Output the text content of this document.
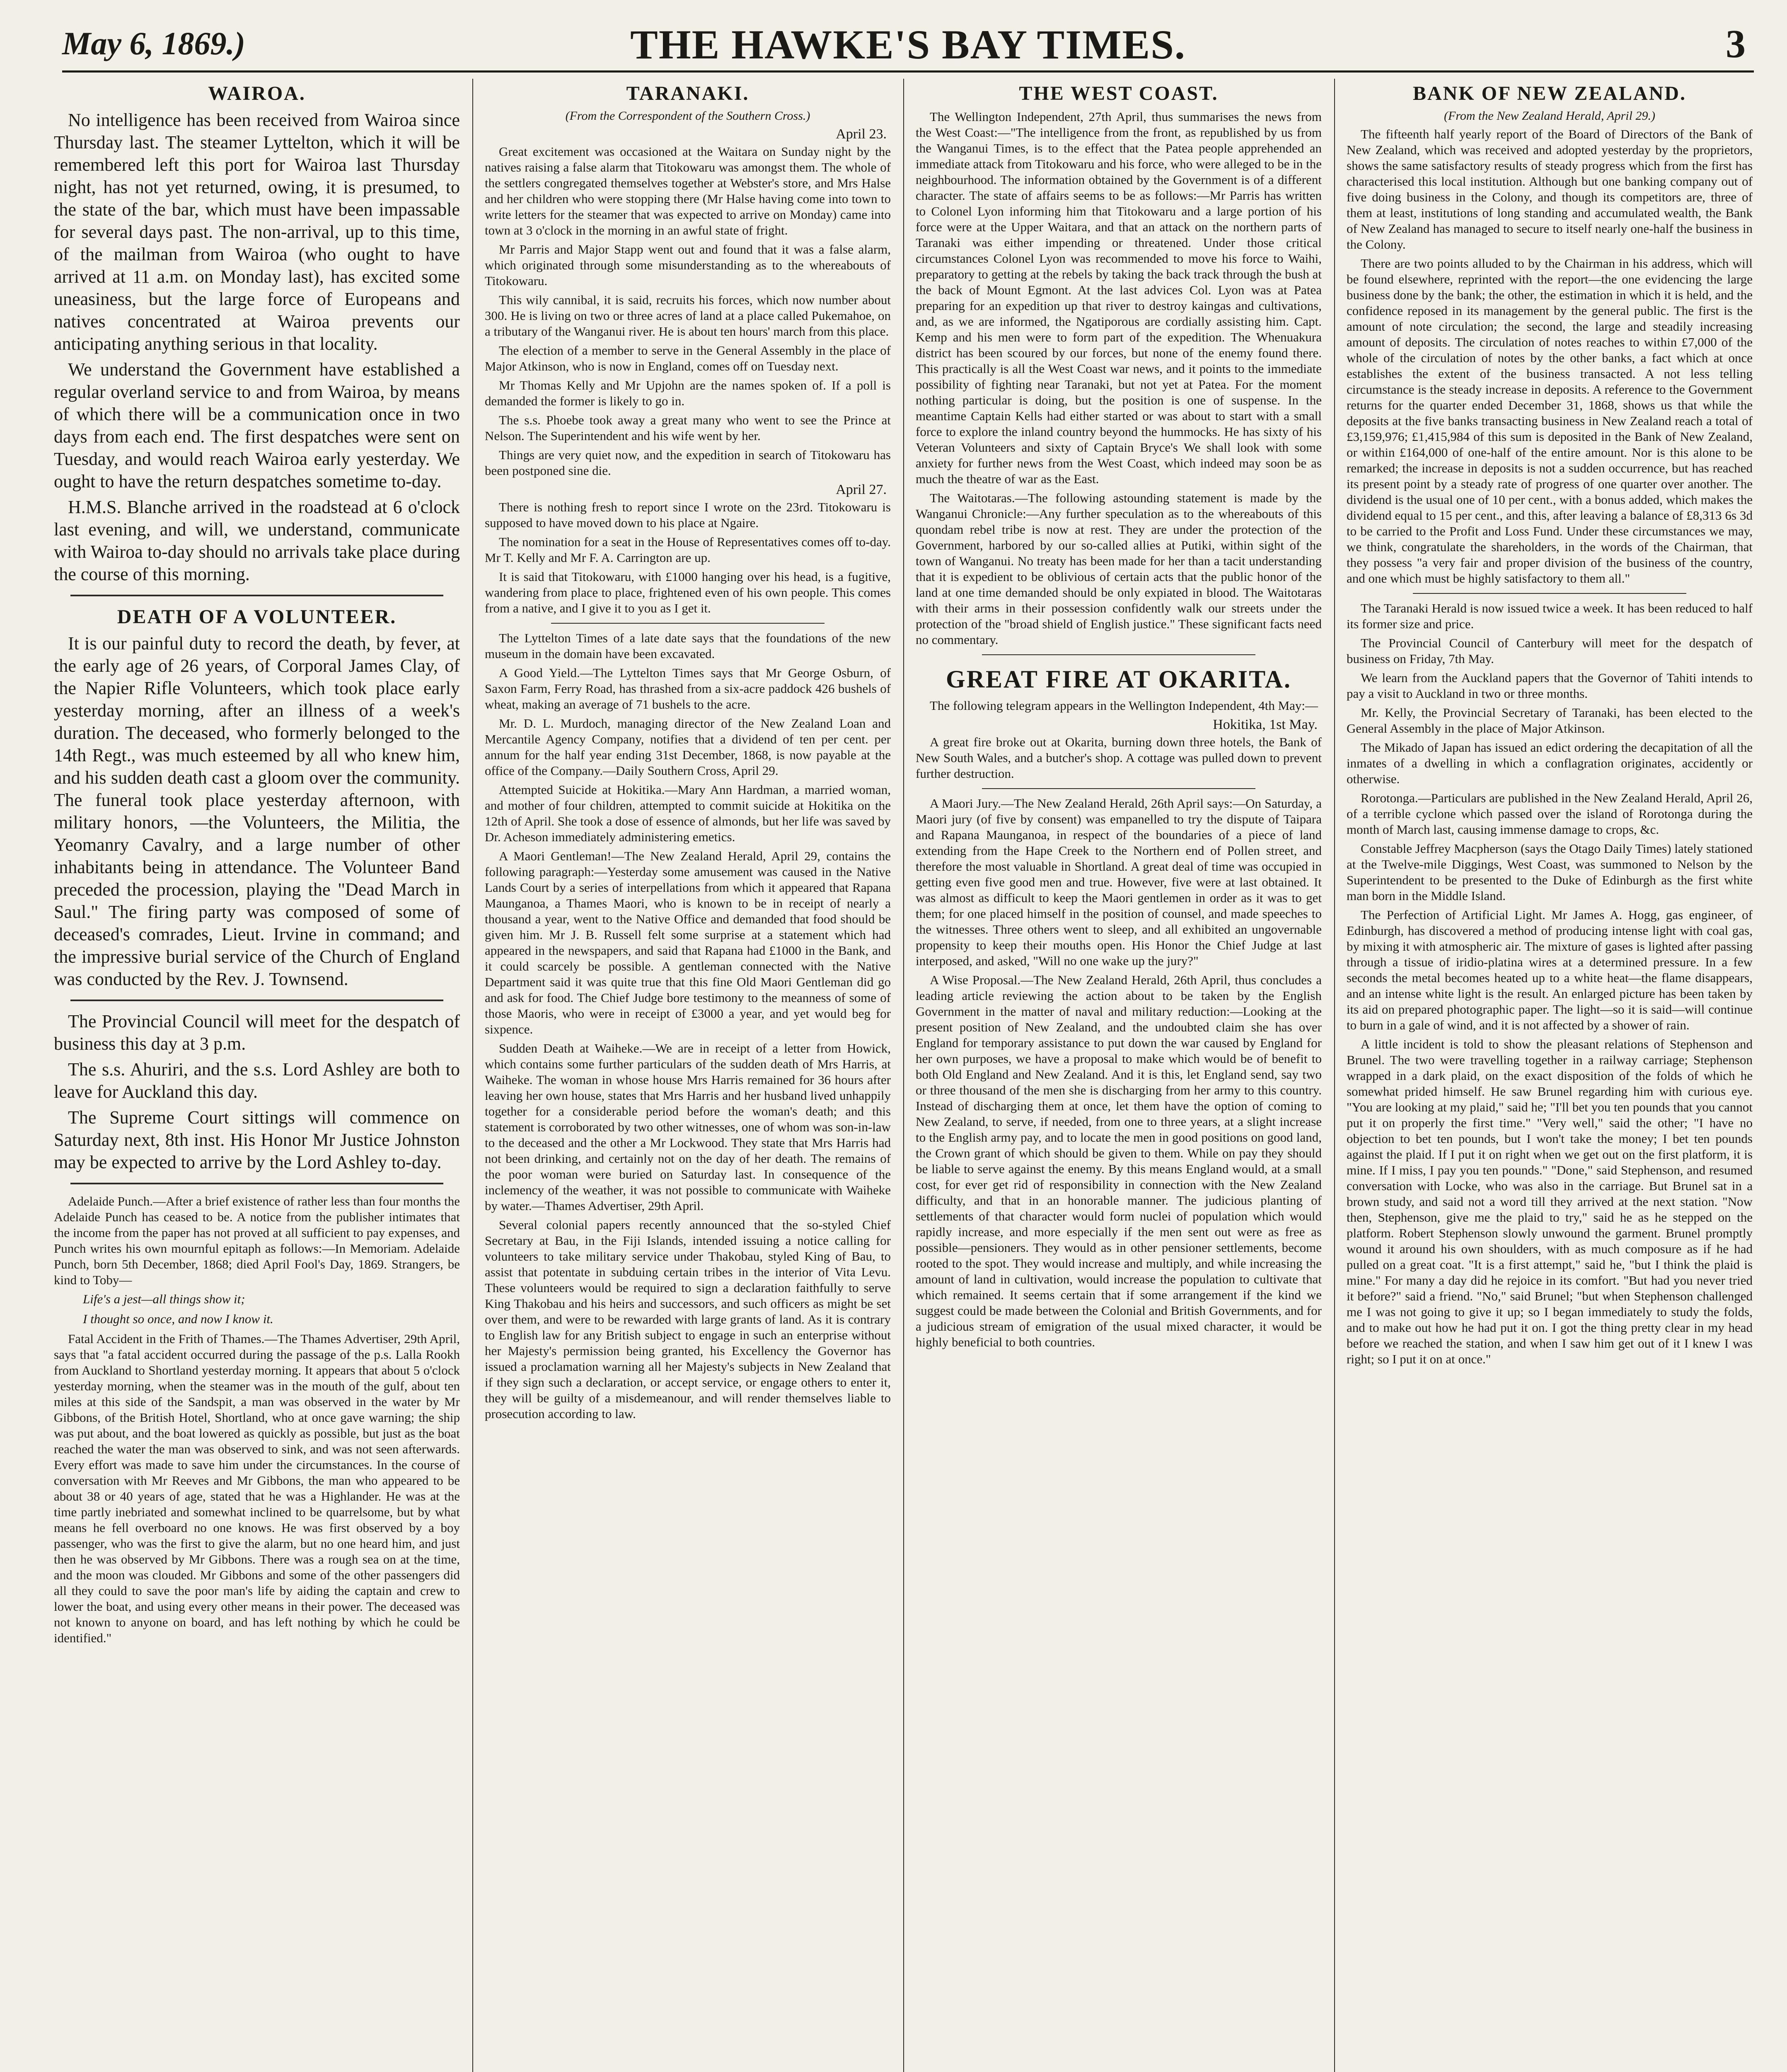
May 6, 1869.)	THE HAWKE'S BAY TIMES.	3
WAIROA.

No intelligence has been received from Wairoa since Thursday last. The steamer Lyttelton, which it will be remembered left this port for Wairoa last Thursday night, has not yet returned, owing, it is presumed, to the state of the bar, which must have been impassable for several days past. The non-arrival, up to this time, of the mailman from Wairoa (who ought to have arrived at 11 a.m. on Monday last), has excited some uneasiness, but the large force of Europeans and natives concentrated at Wairoa prevents our anticipating anything serious in that locality.

We understand the Government have established a regular overland service to and from Wairoa, by means of which there will be a communication once in two days from each end. The first despatches were sent on Tuesday, and would reach Wairoa early yesterday. We ought to have the return despatches sometime to-day.

H.M.S. Blanche arrived in the roadstead at 6 o'clock last evening, and will, we understand, communicate with Wairoa to-day should no arrivals take place during the course of this morning.

DEATH OF A VOLUNTEER.

It is our painful duty to record the death, by fever, at the early age of 26 years, of Corporal James Clay, of the Napier Rifle Volunteers, which took place early yesterday morning, after an illness of a week's duration. The deceased, who formerly belonged to the 14th Regt., was much esteemed by all who knew him, and his sudden death cast a gloom over the community. The funeral took place yesterday afternoon, with military honors, —the Volunteers, the Militia, the Yeomanry Cavalry, and a large number of other inhabitants being in attendance. The Volunteer Band preceded the procession, playing the "Dead March in Saul." The firing party was composed of some of deceased's comrades, Lieut. Irvine in command; and the impressive burial service of the Church of England was conducted by the Rev. J. Townsend.

The Provincial Council will meet for the despatch of business this day at 3 p.m.

The s.s. Ahuriri, and the s.s. Lord Ashley are both to leave for Auckland this day.

The Supreme Court sittings will commence on Saturday next, 8th inst. His Honor Mr Justice Johnston may be expected to arrive by the Lord Ashley to-day.

Adelaide Punch.—After a brief existence of rather less than four months the Adelaide Punch has ceased to be. A notice from the publisher intimates that the income from the paper has not proved at all sufficient to pay expenses, and Punch writes his own mournful epitaph as follows:—In Memoriam. Adelaide Punch, born 5th December, 1868; died April Fool's Day, 1869. Strangers, be kind to Toby—

Life's a jest—all things show it;
I thought so once, and now I know it.

Fatal Accident in the Frith of Thames.—The Thames Advertiser, 29th April, says that "a fatal accident occurred during the passage of the p.s. Lalla Rookh from Auckland to Shortland yesterday morning. It appears that about 5 o'clock yesterday morning, when the steamer was in the mouth of the gulf, about ten miles at this side of the Sandspit, a man was observed in the water by Mr Gibbons, of the British Hotel, Shortland, who at once gave warning; the ship was put about, and the boat lowered as quickly as possible, but just as the boat reached the water the man was observed to sink, and was not seen afterwards. Every effort was made to save him under the circumstances. In the course of conversation with Mr Reeves and Mr Gibbons, the man who appeared to be about 38 or 40 years of age, stated that he was a Highlander. He was at the time partly inebriated and somewhat inclined to be quarrelsome, but by what means he fell overboard no one knows. He was first observed by a boy passenger, who was the first to give the alarm, but no one heard him, and just then he was observed by Mr Gibbons. There was a rough sea on at the time, and the moon was clouded. Mr Gibbons and some of the other passengers did all they could to save the poor man's life by aiding the captain and crew to lower the boat, and using every other means in their power. The deceased was not known to anyone on board, and has left nothing by which he could be identified."

TARANAKI.
(From the Correspondent of the Southern Cross.)
April 23.

Great excitement was occasioned at the Waitara on Sunday night by the natives raising a false alarm that Titokowaru was amongst them. The whole of the settlers congregated themselves together at Webster's store, and Mrs Halse and her children who were stopping there (Mr Halse having come into town to write letters for the steamer that was expected to arrive on Monday) came into town at 3 o'clock in the morning in an awful state of fright.

Mr Parris and Major Stapp went out and found that it was a false alarm, which originated through some misunderstanding as to the whereabouts of Titokowaru.

This wily cannibal, it is said, recruits his forces, which now number about 300. He is living on two or three acres of land at a place called Pukemahoe, on a tributary of the Wanganui river. He is about ten hours' march from this place.

The election of a member to serve in the General Assembly in the place of Major Atkinson, who is now in England, comes off on Tuesday next.

Mr Thomas Kelly and Mr Upjohn are the names spoken of. If a poll is demanded the former is likely to go in.

The s.s. Phoebe took away a great many who went to see the Prince at Nelson. The Superintendent and his wife went by her.

Things are very quiet now, and the expedition in search of Titokowaru has been postponed sine die.

April 27.

There is nothing fresh to report since I wrote on the 23rd. Titokowaru is supposed to have moved down to his place at Ngaire.

The nomination for a seat in the House of Representatives comes off to-day. Mr T. Kelly and Mr F. A. Carrington are up.

It is said that Titokowaru, with £1000 hanging over his head, is a fugitive, wandering from place to place, frightened even of his own people. This comes from a native, and I give it to you as I get it.

The Lyttelton Times of a late date says that the foundations of the new museum in the domain have been excavated.

A Good Yield.—The Lyttelton Times says that Mr George Osburn, of Saxon Farm, Ferry Road, has thrashed from a six-acre paddock 426 bushels of wheat, making an average of 71 bushels to the acre.

Mr. D. L. Murdoch, managing director of the New Zealand Loan and Mercantile Agency Company, notifies that a dividend of ten per cent. per annum for the half year ending 31st December, 1868, is now payable at the office of the Company.—Daily Southern Cross, April 29.

Attempted Suicide at Hokitika.—Mary Ann Hardman, a married woman, and mother of four children, attempted to commit suicide at Hokitika on the 12th of April. She took a dose of essence of almonds, but her life was saved by Dr. Acheson immediately administering emetics.

A Maori Gentleman!—The New Zealand Herald, April 29, contains the following paragraph:—Yesterday some amusement was caused in the Native Lands Court by a series of interpellations from which it appeared that Rapana Maunganoa, a Thames Maori, who is known to be in receipt of nearly a thousand a year, went to the Native Office and demanded that food should be given him. Mr J. B. Russell felt some surprise at a statement which had appeared in the newspapers, and said that Rapana had £1000 in the Bank, and it could scarcely be possible. A gentleman connected with the Native Department said it was quite true that this fine Old Maori Gentleman did go and ask for food. The Chief Judge bore testimony to the meanness of some of those Maoris, who were in receipt of £3000 a year, and yet would beg for sixpence.

Sudden Death at Waiheke.—We are in receipt of a letter from Howick, which contains some further particulars of the sudden death of Mrs Harris, at Waiheke. The woman in whose house Mrs Harris remained for 36 hours after leaving her own house, states that Mrs Harris and her husband lived unhappily together for a considerable period before the woman's death; and this statement is corroborated by two other witnesses, one of whom was son-in-law to the deceased and the other a Mr Lockwood. They state that Mrs Harris had not been drinking, and certainly not on the day of her death. The remains of the poor woman were buried on Saturday last. In consequence of the inclemency of the weather, it was not possible to communicate with Waiheke by water.—Thames Advertiser, 29th April.

Several colonial papers recently announced that the so-styled Chief Secretary at Bau, in the Fiji Islands, intended issuing a notice calling for volunteers to take military service under Thakobau, styled King of Bau, to assist that potentate in subduing certain tribes in the interior of Vita Levu. These volunteers would be required to sign a declaration faithfully to serve King Thakobau and his heirs and successors, and such officers as might be set over them, and were to be rewarded with large grants of land. As it is contrary to English law for any British subject to engage in such an enterprise without her Majesty's permission being granted, his Excellency the Governor has issued a proclamation warning all her Majesty's subjects in New Zealand that if they sign such a declaration, or accept service, or engage others to enter it, they will be guilty of a misdemeanour, and will render themselves liable to prosecution according to law.

THE WEST COAST.

The Wellington Independent, 27th April, thus summarises the news from the West Coast:—"The intelligence from the front, as republished by us from the Wanganui Times, is to the effect that the Patea people apprehended an immediate attack from Titokowaru and his force, who were alleged to be in the neighbourhood. The information obtained by the Government is of a different character. The state of affairs seems to be as follows:—Mr Parris has written to Colonel Lyon informing him that Titokowaru and a large portion of his force were at the Upper Waitara, and that an attack on the northern parts of Taranaki was either impending or threatened. Under those critical circumstances Colonel Lyon was recommended to move his force to Waihi, preparatory to getting at the rebels by taking the back track through the bush at the back of Mount Egmont. At the last advices Col. Lyon was at Patea preparing for an expedition up that river to destroy kaingas and cultivations, and, as we are informed, the Ngatiporous are cordially assisting him. Capt. Kemp and his men were to form part of the expedition. The Whenuakura district has been scoured by our forces, but none of the enemy found there. This practically is all the West Coast war news, and it points to the immediate possibility of fighting near Taranaki, but not yet at Patea. For the moment nothing particular is doing, but the position is one of suspense. In the meantime Captain Kells had either started or was about to start with a small force to explore the inland country beyond the hummocks. He has sixty of his Veteran Volunteers and sixty of Captain Bryce's We shall look with some anxiety for further news from the West Coast, which indeed may soon be as much the theatre of war as the East.

The Waitotaras.—The following astounding statement is made by the Wanganui Chronicle:—Any further speculation as to the whereabouts of this quondam rebel tribe is now at rest. They are under the protection of the Government, harbored by our so-called allies at Putiki, within sight of the town of Wanganui. No treaty has been made for her than a tacit understanding that it is expedient to be oblivious of certain acts that the public honor of the land at one time demanded should be only expiated in blood. The Waitotaras with their arms in their possession confidently walk our streets under the protection of the "broad shield of English justice." These significant facts need no commentary.

GREAT FIRE AT OKARITA.

The following telegram appears in the Wellington Independent, 4th May:—

Hokitika, 1st May.

A great fire broke out at Okarita, burning down three hotels, the Bank of New South Wales, and a butcher's shop. A cottage was pulled down to prevent further destruction.

A Maori Jury.—The New Zealand Herald, 26th April says:—On Saturday, a Maori jury (of five by consent) was empanelled to try the dispute of Taipara and Rapana Maunganoa, in respect of the boundaries of a piece of land extending from the Hape Creek to the Northern end of Pollen street, and therefore the most valuable in Shortland. A great deal of time was occupied in getting even five good men and true. However, five were at last obtained. It was almost as difficult to keep the Maori gentlemen in order as it was to get them; for one placed himself in the position of counsel, and made speeches to the witnesses. Three others went to sleep, and all exhibited an ungovernable propensity to keep their mouths open. His Honor the Chief Judge at last interposed, and asked, "Will no one wake up the jury?"

A Wise Proposal.—The New Zealand Herald, 26th April, thus concludes a leading article reviewing the action about to be taken by the English Government in the matter of naval and military reduction:—Looking at the present position of New Zealand, and the undoubted claim she has over England for temporary assistance to put down the war caused by England for her own purposes, we have a proposal to make which would be of benefit to both Old England and New Zealand. And it is this, let England send, say two or three thousand of the men she is discharging from her army to this country. Instead of discharging them at once, let them have the option of coming to New Zealand, to serve, if needed, from one to three years, at a slight increase to the English army pay, and to locate the men in good positions on good land, the Crown grant of which should be given to them. While on pay they should be liable to serve against the enemy. By this means England would, at a small cost, for ever get rid of responsibility in connection with the New Zealand difficulty, and that in an honorable manner. The judicious planting of settlements of that character would form nuclei of population which would rapidly increase, and more especially if the men sent out were as free as possible—pensioners. They would as in other pensioner settlements, become rooted to the spot. They would increase and multiply, and while increasing the amount of land in cultivation, would increase the population to cultivate that which remained. It seems certain that if some arrangement if the kind we suggest could be made between the Colonial and British Governments, and for a judicious stream of emigration of the usual mixed character, it would be highly beneficial to both countries.

BANK OF NEW ZEALAND.
(From the New Zealand Herald, April 29.)

The fifteenth half yearly report of the Board of Directors of the Bank of New Zealand, which was received and adopted yesterday by the proprietors, shows the same satisfactory results of steady progress which from the first has characterised this local institution. Although but one banking company out of five doing business in the Colony, and though its competitors are, three of them at least, institutions of long standing and accumulated wealth, the Bank of New Zealand has managed to secure to itself nearly one-half the business in the Colony.

There are two points alluded to by the Chairman in his address, which will be found elsewhere, reprinted with the report—the one evidencing the large business done by the bank; the other, the estimation in which it is held, and the confidence reposed in its management by the general public. The first is the amount of note circulation; the second, the large and steadily increasing amount of deposits. The circulation of notes reaches to within £7,000 of the whole of the circulation of notes by the other banks, a fact which at once establishes the extent of the business transacted. A not less telling circumstance is the steady increase in deposits. A reference to the Government returns for the quarter ended December 31, 1868, shows us that while the deposits at the five banks transacting business in New Zealand reach a total of £3,159,976; £1,415,984 of this sum is deposited in the Bank of New Zealand, or within £164,000 of one-half of the entire amount. Nor is this alone to be remarked; the increase in deposits is not a sudden occurrence, but has reached its present point by a steady rate of progress of one quarter over another. The dividend is the usual one of 10 per cent., with a bonus added, which makes the dividend equal to 15 per cent., and this, after leaving a balance of £8,313 6s 3d to be carried to the Profit and Loss Fund. Under these circumstances we may, we think, congratulate the shareholders, in the words of the Chairman, that they possess "a very fair and proper division of the business of the country, and one which must be highly satisfactory to them all."

The Taranaki Herald is now issued twice a week. It has been reduced to half its former size and price.

The Provincial Council of Canterbury will meet for the despatch of business on Friday, 7th May.

We learn from the Auckland papers that the Governor of Tahiti intends to pay a visit to Auckland in two or three months.

Mr. Kelly, the Provincial Secretary of Taranaki, has been elected to the General Assembly in the place of Major Atkinson.

The Mikado of Japan has issued an edict ordering the decapitation of all the inmates of a dwelling in which a conflagration originates, accidently or otherwise.

Rorotonga.—Particulars are published in the New Zealand Herald, April 26, of a terrible cyclone which passed over the island of Rorotonga during the month of March last, causing immense damage to crops, &c.

Constable Jeffrey Macpherson (says the Otago Daily Times) lately stationed at the Twelve-mile Diggings, West Coast, was summoned to Nelson by the Superintendent to be presented to the Duke of Edinburgh as the first white man born in the Middle Island.

The Perfection of Artificial Light. Mr James A. Hogg, gas engineer, of Edinburgh, has discovered a method of producing intense light with coal gas, by mixing it with atmospheric air. The mixture of gases is lighted after passing through a tissue of iridio-platina wires at a determined pressure. In a few seconds the metal becomes heated up to a white heat—the flame disappears, and an intense white light is the result. An enlarged picture has been taken by its aid on prepared photographic paper. The light—so it is said—will continue to burn in a gale of wind, and it is not affected by a shower of rain.

A little incident is told to show the pleasant relations of Stephenson and Brunel. The two were travelling together in a railway carriage; Stephenson wrapped in a dark plaid, on the exact disposition of the folds of which he somewhat prided himself. He saw Brunel regarding him with curious eye. "You are looking at my plaid," said he; "I'll bet you ten pounds that you cannot put it on properly the first time." "Very well," said the other; "I have no objection to bet ten pounds, but I won't take the money; I bet ten pounds against the plaid. If I put it on right when we get out on the first platform, it is mine. If I miss, I pay you ten pounds." "Done," said Stephenson, and resumed conversation with Locke, who was also in the carriage. But Brunel sat in a brown study, and said not a word till they arrived at the next station. "Now then, Stephenson, give me the plaid to try," said he as he stepped on the platform. Robert Stephenson slowly unwound the garment. Brunel promptly wound it around his own shoulders, with as much composure as if he had pulled on a great coat. "It is a first attempt," said he, "but I think the plaid is mine." For many a day did he rejoice in its comfort. "But had you never tried it before?" said a friend. "No," said Brunel; "but when Stephenson challenged me I was not going to give it up; so I began immediately to study the folds, and to make out how he had put it on. I got the thing pretty clear in my head before we reached the station, and when I saw him get out of it I knew I was right; so I put it on at once."
